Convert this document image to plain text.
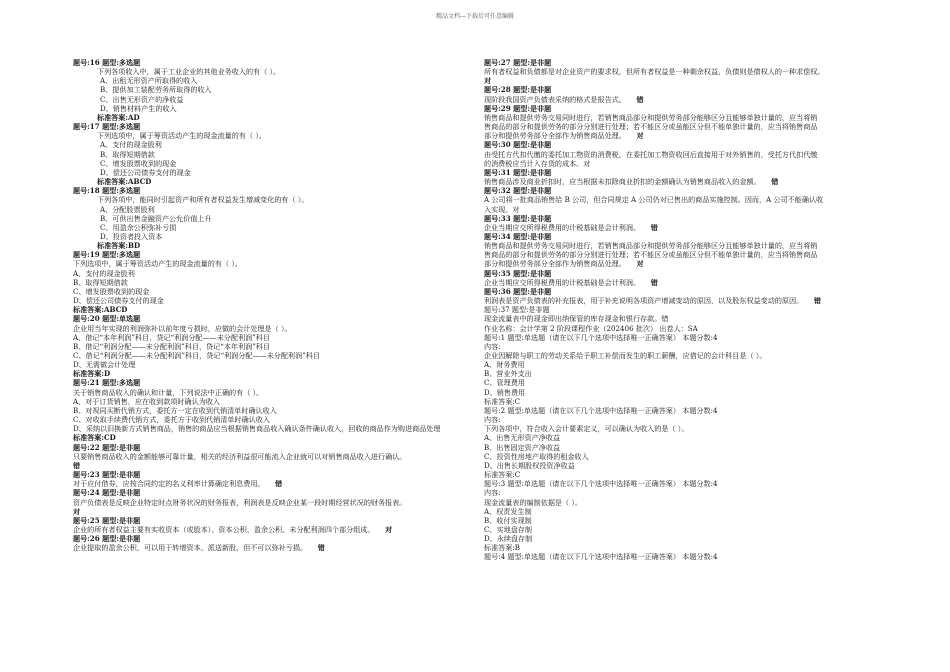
精品文档---下载后可任意编辑
题号:16 题型:多选题
下列各项收入中，属于工业企业的其他业务收入的有（ ）。
A、出租无形资产所取得的收入
B、提供加工装配劳务所取得的收入
C、出售无形资产的净收益
D、销售材料产生的收入
标准答案:AD
题号:17 题型:多选题
下列选项中，属于筹资活动产生的现金流量的有（ ）。
A、支付的现金股利
B、取得短期借款
C、增发股票收到的现金
D、偿还公司债券支付的现金
标准答案:ABCD
题号:18 题型:多选题
下列各项中，能同时引起资产和所有者权益发生增减变化的有（ ）。
A、分配股票股利
B、可供出售金融资产公允价值上升
C、用盈余公积弥补亏损
D、投资者投入资本
标准答案:BD
题号:19 题型:多选题
下列选项中，属于筹资活动产生的现金流量的有（ ）。
A、支付的现金股利
B、取得短期借款
C、增发股票收到的现金
D、偿还公司债券支付的现金
标准答案:ABCD
题号:20 题型:单选题
企业用当年实现的利润弥补以前年度亏损时，应做的会计处理是（ ）。
A、借记“本年利润”科目，贷记“利润分配——未分配利润”科目
B、借记“利润分配——未分配利润”科目，贷记“本年利润”科目
C、借记“利润分配——未分配利润”科目，贷记“利润分配——未分配利润”科目
D、无需做会计处理
标准答案:D
题号:21 题型:多选题
关于销售商品收入的确认和计量，下列说法中正确的有（ ）。
A、对于订货销售，应在收到款项时确认为收入
B、对视同买断代销方式，委托方一定在收到代销清单时确认收入
C、对收取手续费代销方式，委托方于收到代销清单时确认收入
D、采纳以旧换新方式销售商品，销售的商品应当根据销售商品收入确认条件确认收入，回收的商品作为购进商品处理
标准答案:CD
题号:22 题型:是非题
只要销售商品收入的金额能够可靠计量，相关的经济利益很可能流入企业就可以对销售商品收入进行确认。
错
题号:23 题型:是非题
对于应付借券，应按合同约定的名义利率计算确定利息费用。　　 错
题号:24 题型:是非题
资产负债表是反映企业特定时点财务状况的财务报表，利润表是反映企业某一段时期经营状况的财务报表。
对
题号:25 题型:是非题
企业的所有者权益主要有实收资本（或股本）、资本公积、盈余公积、未分配利润四个部分组成。　　 对
题号:26 题型:是非题
企业提取的盈余公积，可以用于转增资本、派送新股，但不可以弥补亏损。　　 错
题号:27 题型:是非题
所有者权益和负债都是对企业资产的要求权，但所有者权益是一种剩余权益，负债则是债权人的一种求偿权。
对
题号:28 题型:是非题
现阶段我国资产负债表采纳的格式是报告式。　　 错
题号:29 题型:是非题
销售商品和提供劳务交易同时进行，若销售商品部分和提供劳务部分能够区分且能够单独计量的，应当将销
售商品的部分和提供劳务的部分分别进行处理；若不能区分或虽能区分但不能单独计量的，应当将销售商品
部分和提供劳务部分全部作为销售商品处理。　　 对
题号:30 题型:是非题
由受托方代扣代缴的委托加工物资的消费税，在委托加工物资收回后直接用于对外销售的，受托方代扣代缴
的消费税应当计入存货的成本。对
题号:31 题型:是非题
销售商品涉及商业折扣时，应当根据未扣除商业折扣的金额确认为销售商品收入的金额。　　 错
题号:32 题型:是非题
A 公司将一批商品销售给 B 公司，但合同规定 A 公司仍对已售出的商品实施控制。因而，A 公司不能确认收
入实现。对
题号:33 题型:是非题
企业当期应交所得税费用的计税基础是会计利润。　　 错
题号:34 题型:是非题
销售商品和提供劳务交易同时进行，若销售商品部分和提供劳务部分能够区分且能够单独计量的，应当将销
售商品的部分和提供劳务的部分分别进行处理；若不能区分或虽能区分但不能单独计量的，应当将销售商品
部分和提供劳务部分全部作为销售商品处理。　　 对
题号:35 题型:是非题
企业当期应交所得税费用的计税基础是会计利润。　　 错
题号:36 题型:是非题
利润表是资产负债表的补充报表，用于补充说明各项资产增减变动的原因，以及股东权益变动的原因。　　 错
题号:37 题型:是非题
现金流量表中的现金即出纳保管的库存现金和银行存款。错
作业名称：会计学第 2 阶段课程作业（202406 批次） 出卷人：SA
题号:1 题型:单选题（请在以下几个选项中选择唯一正确答案） 本题分数:4
内容:
企业因解除与职工的劳动关系给予职工补偿而发生的职工薪酬，应借记的会计科目是（ ）。
A、财务费用
B、营业外支出
C、管理费用
D、销售费用
标准答案:C
题号:2 题型:单选题（请在以下几个选项中选择唯一正确答案） 本题分数:4
内容:
下列各项中，符合收入会计要素定义，可以确认为收入的是（ ）。
A、出售无形资产净收益
B、出售固定资产净收益
C、投资性房地产取得的租金收入
D、出售长期股权投资净收益
标准答案:C
题号:3 题型:单选题（请在以下几个选项中选择唯一正确答案） 本题分数:4
内容:
现金流量表的编制依据是（ ）。
A、权责发生制
B、收付实现制
C、实地盘存制
D、永续盘存制
标准答案:B
题号:4 题型:单选题（请在以下几个选项中选择唯一正确答案） 本题分数:4
